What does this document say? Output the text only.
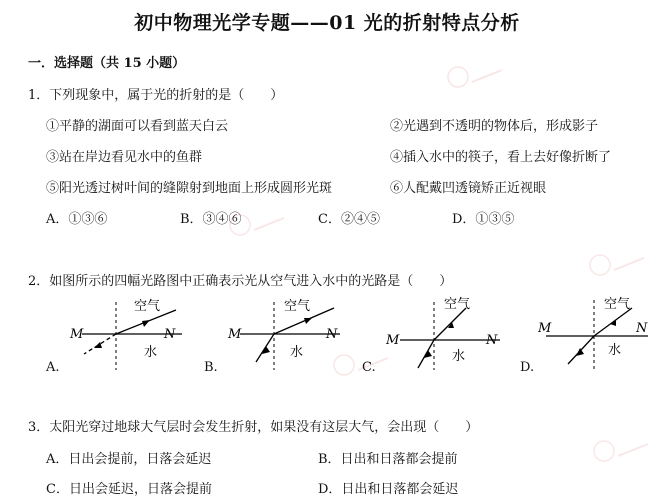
初中物理光学专题——01 光的折射特点分析
一．选择题（共 15 小题）
1．下列现象中，属于光的折射的是（　　）
①平静的湖面可以看到蓝天白云	②光遇到不透明的物体后，形成影子
③站在岸边看见水中的鱼群	④插入水中的筷子，看上去好像折断了
⑤阳光透过树叶间的缝隙射到地面上形成圆形光斑	⑥人配戴凹透镜矫正近视眼
A．①③⑥	B．③④⑥	C．②④⑤	D．①③⑤
2．如图所示的四幅光路图中正确表示光从空气进入水中的光路是（　　）
M	N
空气
水
A.
M	N
空气
水
B.
M	N
空气
水
C.
M	N
空气
水
D.
3．太阳光穿过地球大气层时会发生折射，如果没有这层大气，会出现（　　）
A．日出会提前，日落会延迟	B．日出和日落都会提前
C．日出会延迟，日落会提前	D．日出和日落都会延迟
